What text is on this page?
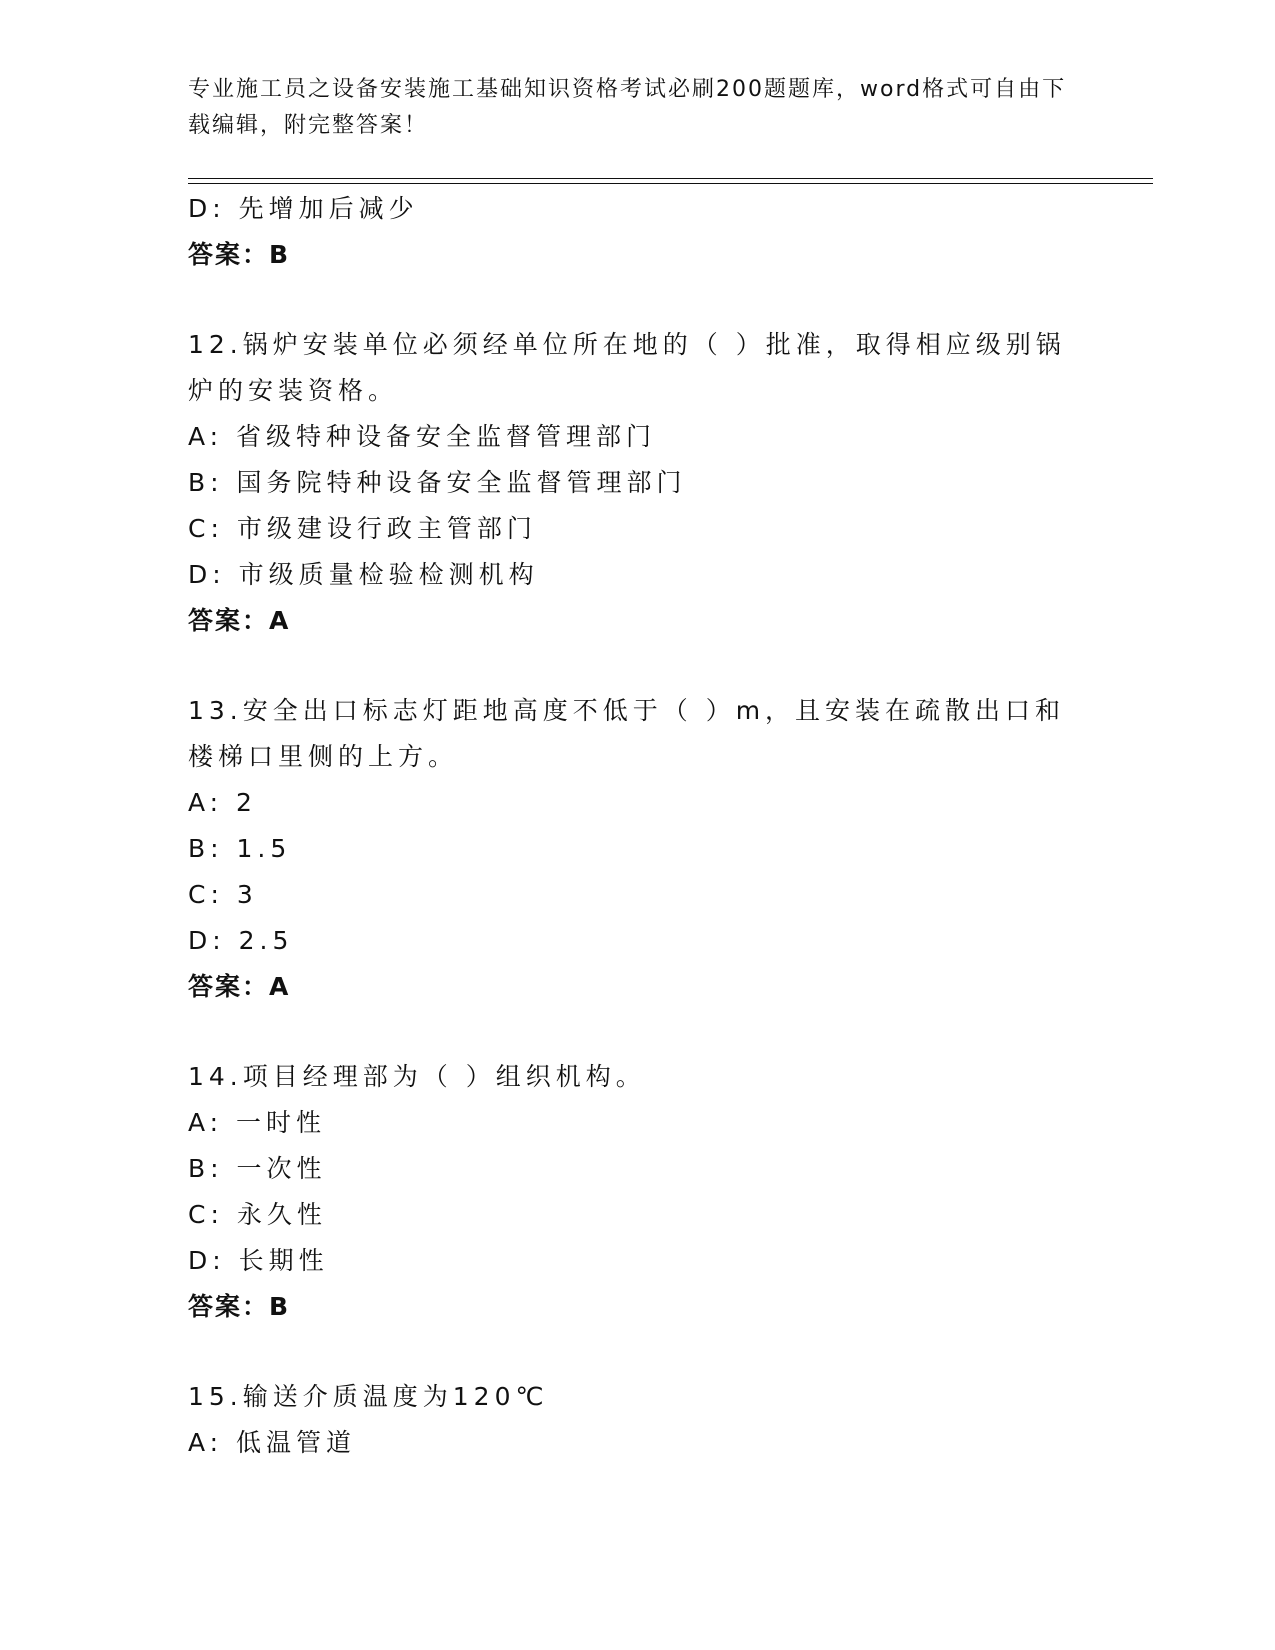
专业施工员之设备安装施工基础知识资格考试必刷200题题库，word格式可自由下载编辑，附完整答案！
D: 先增加后减少
答案：B
12.锅炉安装单位必须经单位所在地的（ ）批准，取得相应级别锅炉的安装资格。
A: 省级特种设备安全监督管理部门
B: 国务院特种设备安全监督管理部门
C: 市级建设行政主管部门
D: 市级质量检验检测机构
答案：A
13.安全出口标志灯距地高度不低于（ ）m，且安装在疏散出口和楼梯口里侧的上方。
A: 2
B: 1.5
C: 3
D: 2.5
答案：A
14.项目经理部为（ ）组织机构。
A: 一时性
B: 一次性
C: 永久性
D: 长期性
答案：B
15.输送介质温度为120℃
A: 低温管道
